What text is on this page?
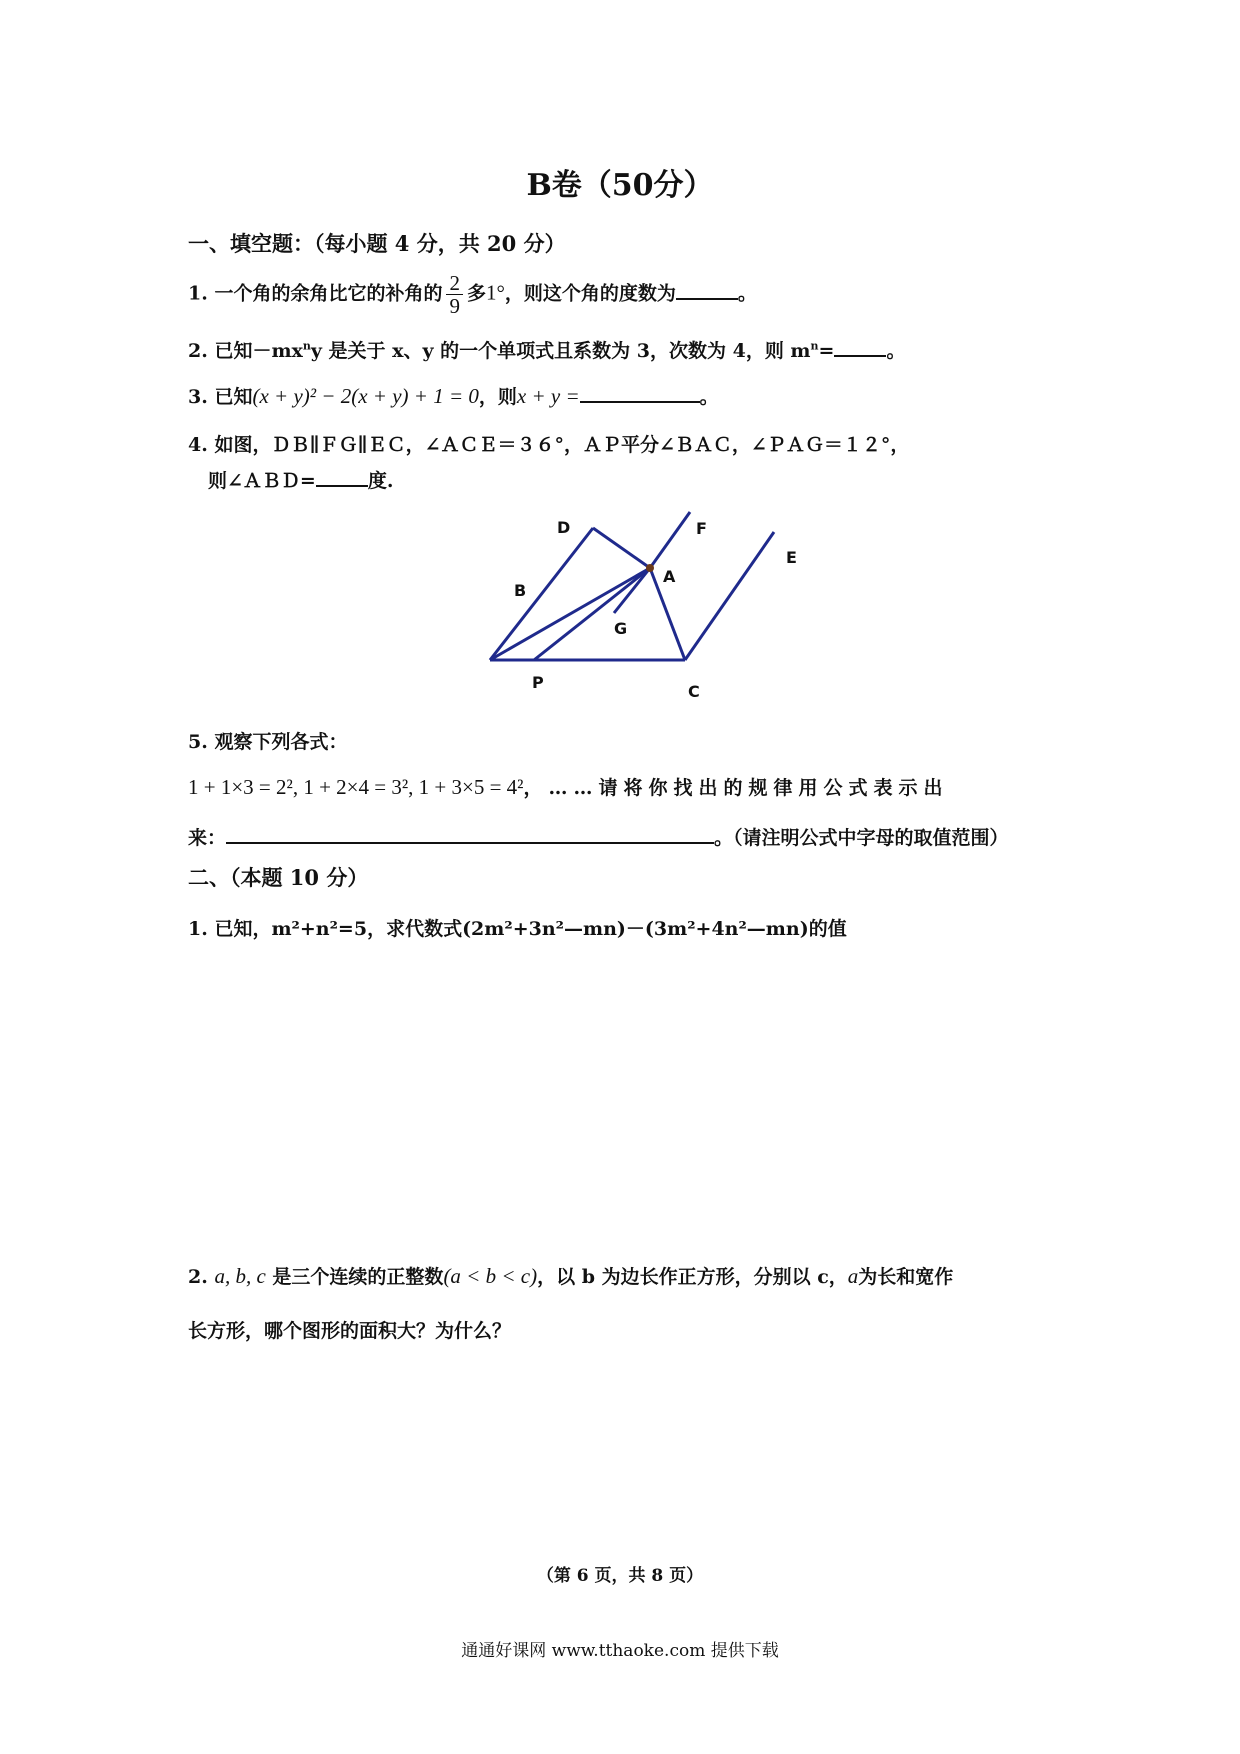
B卷（50分）
一、填空题：（每小题 4 分，共 20 分）
1. 一个角的余角比它的补角的 $\frac{2}{9}$ 多1°，则这个角的度数为	。
2. 已知$-mx^ny$ 是关于 x、y 的一个单项式且系数为 3，次数为 4，则 $m^n=$	。
3. 已知(x + y)² − 2(x + y) + 1 = 0，则x + y =	。
4. 如图，ＤＢ∥ＦＧ∥ＥＣ，∠ＡＣＥ＝３６°，ＡＰ平分∠ＢＡＣ，∠ＰＡＧ＝１２°，
则∠ＡＢＤ=	度.
D	F
E
B
A
G
P	C
5. 观察下列各式：
1 + 1×3 = 2², 1 + 2×4 = 3², 1 + 3×5 = 4²，……请将你找出的规律用公式表示出
来：	。（请注明公式中字母的取值范围）
二、（本题 10 分）
1. 已知，m²+n²=5，求代数式(2m²+3n²—mn)－(3m²+4n²—mn)的值
2. a, b, c 是三个连续的正整数(a < b < c)，以 b 为边长作正方形，分别以 c，a为长和宽作
长方形，哪个图形的面积大？为什么？
（第 6 页，共 8 页）
通通好课网 www.tthaoke.com 提供下载
